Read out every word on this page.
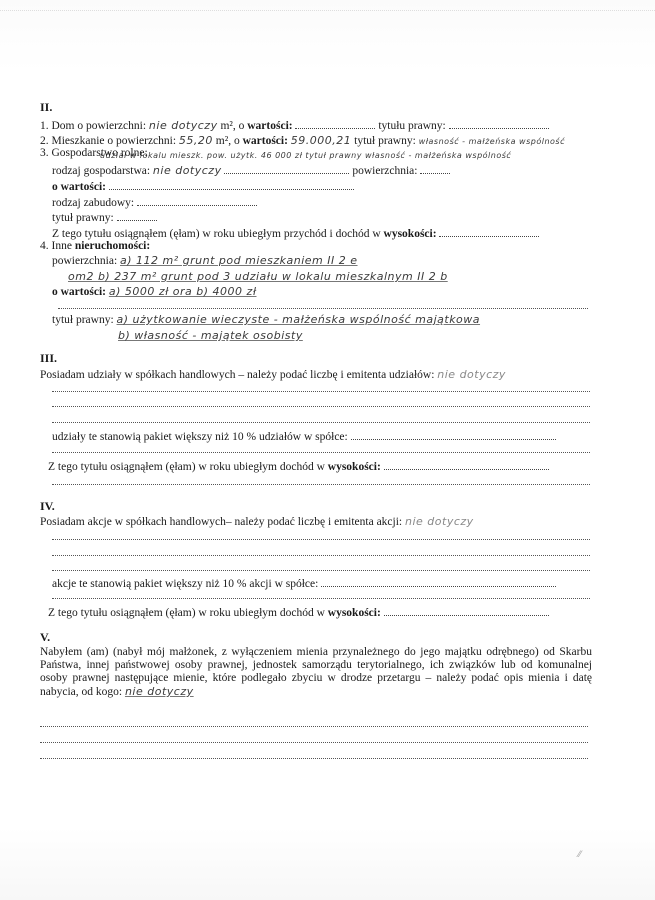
II.
1. Dom o powierzchni: nie dotyczy m², o wartości:	tytułu prawny:
2. Mieszkanie o powierzchni: 55,20 m², o wartości: 59.000,21 tytuł prawny: własność - małżeńska wspólność
udział w lokalu mieszk. pow. użytk. 46 000 zł tytuł prawny własność - małżeńska wspólność
3. Gospodarstwo rolne:
rodzaj gospodarstwa: nie dotyczy	powierzchnia:
o wartości:
rodzaj zabudowy:
tytuł prawny:
Z tego tytułu osiągnąłem (ęłam) w roku ubiegłym przychód i dochód w wysokości:
4. Inne nieruchomości:
powierzchnia: a) 112 m² grunt pod mieszkaniem II 2 e
om2 b) 237 m² grunt pod 3 udziału w lokalu mieszkalnym II 2 b
o wartości: a) 5000 zł ora b) 4000 zł
tytuł prawny: a) użytkowanie wieczyste - małżeńska wspólność majątkowa
b) własność - majątek osobisty
III.
Posiadam udziały w spółkach handlowych – należy podać liczbę i emitenta udziałów: nie dotyczy
udziały te stanowią pakiet większy niż 10 % udziałów w spółce:
Z tego tytułu osiągnąłem (ęłam) w roku ubiegłym dochód w wysokości:
IV.
Posiadam akcje w spółkach handlowych– należy podać liczbę i emitenta akcji: nie dotyczy
akcje te stanowią pakiet większy niż 10 % akcji w spółce:
Z tego tytułu osiągnąłem (ęłam) w roku ubiegłym dochód w wysokości:
V.
Nabyłem (am) (nabył mój małżonek, z wyłączeniem mienia przynależnego do jego majątku odrębnego) od Skarbu Państwa, innej państwowej osoby prawnej, jednostek samorządu terytorialnego, ich związków lub od komunalnej osoby prawnej następujące mienie, które podlegało zbyciu w drodze przetargu – należy podać opis mienia i datę nabycia, od kogo: nie dotyczy
⁄⁄
